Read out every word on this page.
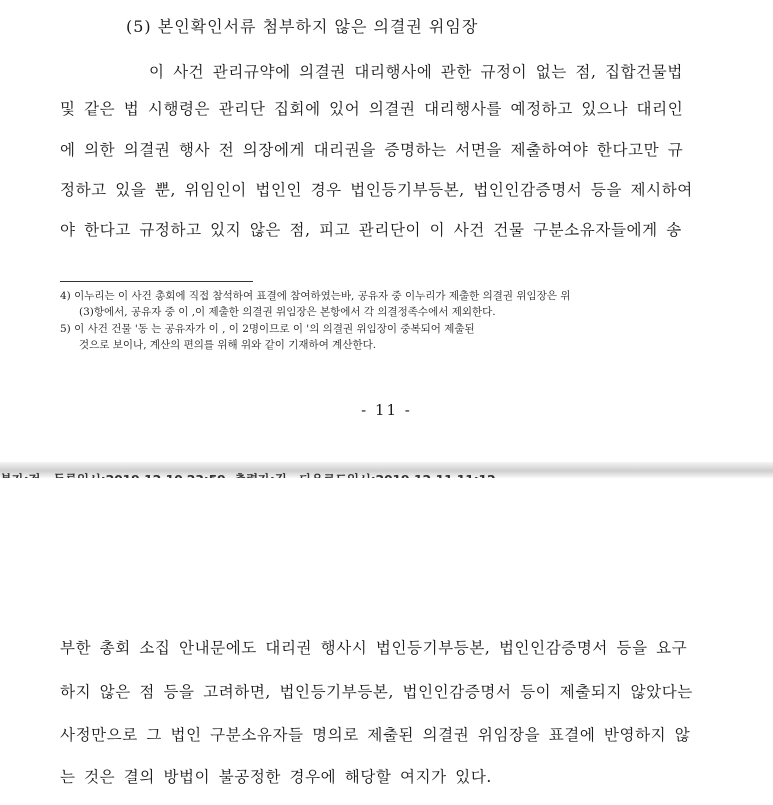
(5) 본인확인서류 첨부하지 않은 의결권 위임장
이 사건 관리규약에 의결권 대리행사에 관한 규정이 없는 점, 집합건물법
및 같은 법 시행령은 관리단 집회에 있어 의결권 대리행사를 예정하고 있으나 대리인
에 의한 의결권 행사 전 의장에게 대리권을 증명하는 서면을 제출하여야 한다고만 규
정하고 있을 뿐, 위임인이 법인인 경우 법인등기부등본, 법인인감증명서 등을 제시하여
야 한다고 규정하고 있지 않은 점, 피고 관리단이 이 사건 건물 구분소유자들에게 송
4) 이누리는 이 사건 총회에 직접 참석하여 표결에 참여하였는바, 공유자 중 이누리가 제출한 의결권 위임장은 위
(3)항에서, 공유자 중 이 ,이 제출한 의결권 위임장은 본항에서 각 의결정족수에서 제외한다.
5) 이 사건 건물 '동 는 공유자가 이 , 이 2명이므로 이 '의 의결권 위임장이 중복되어 제출된
것으로 보이나, 계산의 편의를 위해 위와 같이 기재하여 계산한다.
- 11 -
부한 총회 소집 안내문에도 대리권 행사시 법인등기부등본, 법인인감증명서 등을 요구
하지 않은 점 등을 고려하면, 법인등기부등본, 법인인감증명서 등이 제출되지 않았다는
사정만으로 그 법인 구분소유자들 명의로 제출된 의결권 위임장을 표결에 반영하지 않
는 것은 결의 방법이 불공정한 경우에 해당할 여지가 있다.
